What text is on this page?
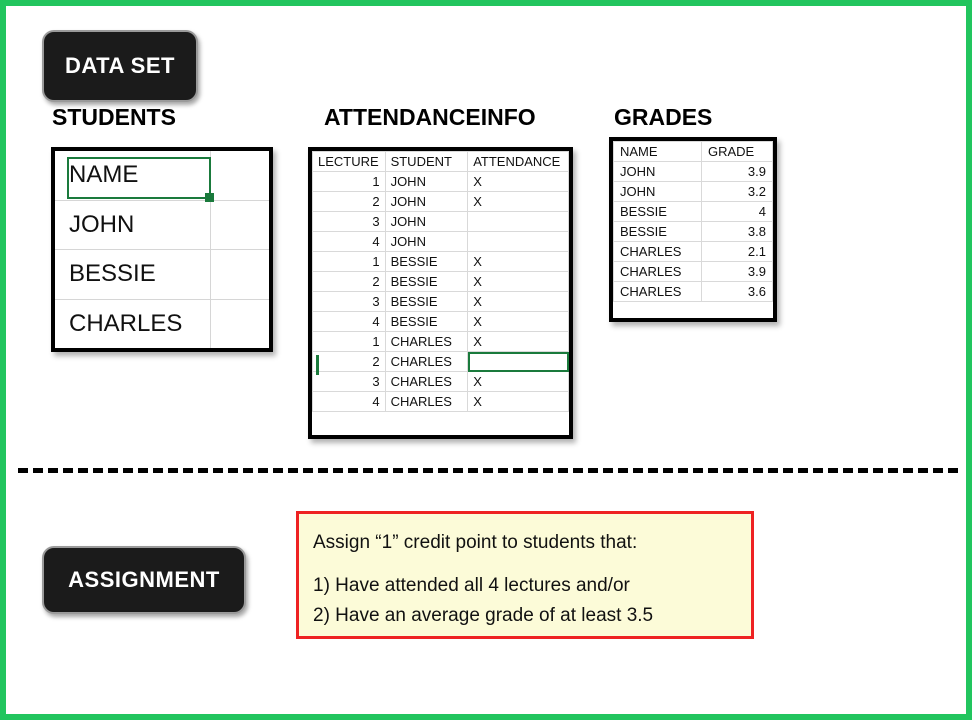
DATA SET
STUDENTS	ATTENDANCEINFO	GRADES
NAME
JOHN
BESSIE
CHARLES
LECTURE	STUDENT	ATTENDANCE
1	JOHN	X
2	JOHN	X
3	JOHN	
4	JOHN	
1	BESSIE	X
2	BESSIE	X
3	BESSIE	X
4	BESSIE	X
1	CHARLES	X
2	CHARLES	
3	CHARLES	X
4	CHARLES	X
NAME	GRADE
JOHN	3.9
JOHN	3.2
BESSIE	4
BESSIE	3.8
CHARLES	2.1
CHARLES	3.9
CHARLES	3.6
ASSIGNMENT
Assign “1” credit point to students that:
1) Have attended all 4 lectures and/or
2) Have an average grade of at least 3.5
